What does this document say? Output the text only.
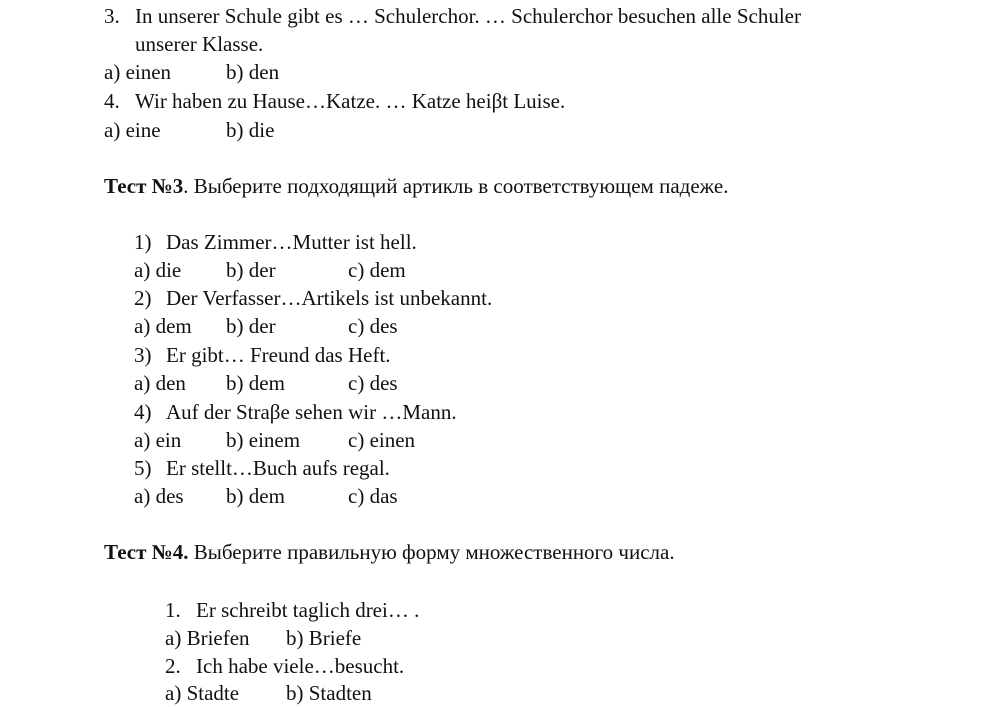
3. In unserer Schule gibt es … Schulerchor. … Schulerchor besuchen alle Schuler
unserer Klasse.
a) einen	b) den
4. Wir haben zu Hause…Katze. … Katze heiβt Luise.
a) eine	b) die
Тест №3. Выберите подходящий артикль в соответствующем падеже.
1) Das Zimmer…Mutter ist hell.
a) die b) der	c) dem
2) Der Verfasser…Artikels ist unbekannt.
a) dem b) der	c) des
3) Er gibt… Freund das Heft.
a) den b) dem	c) des
4) Auf der Straβe sehen wir …Mann.
a) ein b) einem c) einen
5) Er stellt…Buch aufs regal.
a) des b) dem	c) das
Тест №4. Выберите правильную форму множественного числа.
1. Er schreibt taglich drei… .
a) Briefen b) Briefe
2. Ich habe viele…besucht.
a) Stadte b) Stadten
